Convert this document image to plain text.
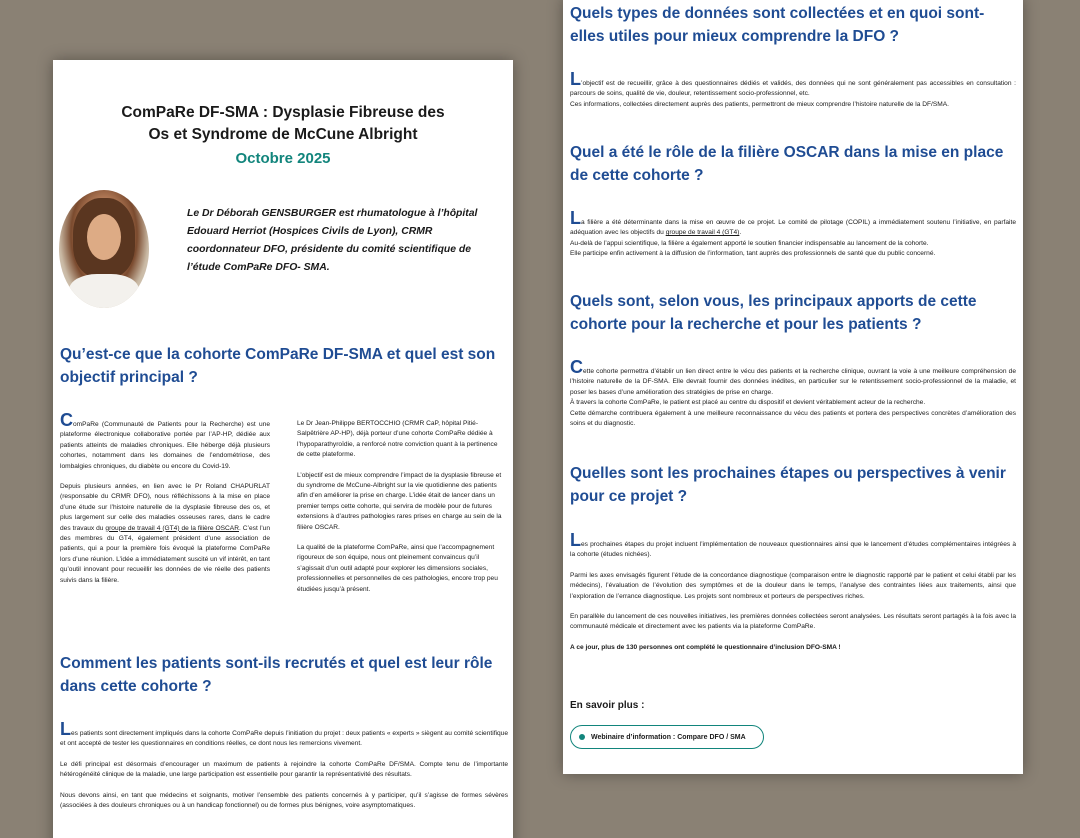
ComPaRe DF-SMA : Dysplasie Fibreuse des
Os et Syndrome de McCune Albright
Octobre 2025
Le Dr Déborah GENSBURGER est rhumatologue à l’hôpital Edouard Herriot (Hospices Civils de Lyon), CRMR coordonnateur DFO, présidente du comité scientifique de l’étude ComPaRe DFO- SMA.
Qu’est-ce que la cohorte ComPaRe DF-SMA et quel est son objectif principal ?

ComPaRe (Communauté de Patients pour la Recherche) est une plateforme électronique collaborative portée par l’AP-HP, dédiée aux patients atteints de maladies chroniques. Elle héberge déjà plusieurs cohortes, notamment dans les domaines de l’endométriose, des lombalgies chroniques, du diabète ou encore du Covid-19.

Depuis plusieurs années, en lien avec le Pr Roland CHAPURLAT (responsable du CRMR DFO), nous réfléchissons à la mise en place d’une étude sur l’histoire naturelle de la dysplasie fibreuse des os, et plus largement sur celle des maladies osseuses rares, dans le cadre des travaux du groupe de travail 4 (GT4) de la filière OSCAR. C’est l’un des membres du GT4, également président d’une association de patients, qui a pour la première fois évoqué la plateforme ComPaRe lors d’une réunion. L’idée a immédiatement suscité un vif intérêt, en tant qu’outil innovant pour recueillir les données de vie réelle des patients suivis dans la filière.

Le Dr Jean-Philippe BERTOCCHIO (CRMR CaP, hôpital Pitié-Salpêtrière AP-HP), déjà porteur d’une cohorte ComPaRe dédiée à l’hypoparathyroïdie, a renforcé notre conviction quant à la pertinence de cette plateforme.

L’objectif est de mieux comprendre l’impact de la dysplasie fibreuse et du syndrome de McCune-Albright sur la vie quotidienne des patients afin d’en améliorer la prise en charge. L’idée était de lancer dans un premier temps cette cohorte, qui servira de modèle pour de futures extensions à d’autres pathologies rares prises en charge au sein de la filière OSCAR.

La qualité de la plateforme ComPaRe, ainsi que l’accompagnement rigoureux de son équipe, nous ont pleinement convaincus qu’il s’agissait d’un outil adapté pour explorer les dimensions sociales, professionnelles et personnelles de ces pathologies, encore trop peu étudiées jusqu’à présent.

Comment les patients sont-ils recrutés et quel est leur rôle dans cette cohorte ?

Les patients sont directement impliqués dans la cohorte ComPaRe depuis l’initiation du projet : deux patients « experts » siègent au comité scientifique et ont accepté de tester les questionnaires en conditions réelles, ce dont nous les remercions vivement.

Le défi principal est désormais d’encourager un maximum de patients à rejoindre la cohorte ComPaRe DF/SMA. Compte tenu de l’importante hétérogénéité clinique de la maladie, une large participation est essentielle pour garantir la représentativité des résultats.

Nous devons ainsi, en tant que médecins et soignants, motiver l’ensemble des patients concernés à y participer, qu’il s’agisse de formes sévères (associées à des douleurs chroniques ou à un handicap fonctionnel) ou de formes plus bénignes, voire asymptomatiques.

Quels types de données sont collectées et en quoi sont-elles utiles pour mieux comprendre la DFO ?

L’objectif est de recueillir, grâce à des questionnaires dédiés et validés, des données qui ne sont généralement pas accessibles en consultation : parcours de soins, qualité de vie, douleur, retentissement socio-professionnel, etc.

Ces informations, collectées directement auprès des patients, permettront de mieux comprendre l’histoire naturelle de la DF/SMA.

Quel a été le rôle de la filière OSCAR dans la mise en place de cette cohorte ?

La filière a été déterminante dans la mise en œuvre de ce projet. Le comité de pilotage (COPIL) a immédiatement soutenu l’initiative, en parfaite adéquation avec les objectifs du groupe de travail 4 (GT4).

Au-delà de l’appui scientifique, la filière a également apporté le soutien financier indispensable au lancement de la cohorte.

Elle participe enfin activement à la diffusion de l’information, tant auprès des professionnels de santé que du public concerné.

Quels sont, selon vous, les principaux apports de cette cohorte pour la recherche et pour les patients ?

Cette cohorte permettra d’établir un lien direct entre le vécu des patients et la recherche clinique, ouvrant la voie à une meilleure compréhension de l’histoire naturelle de la DF-SMA. Elle devrait fournir des données inédites, en particulier sur le retentissement socio-professionnel de la maladie, et poser les bases d’une amélioration des stratégies de prise en charge.

À travers la cohorte ComPaRe, le patient est placé au centre du dispositif et devient véritablement acteur de la recherche.

Cette démarche contribuera également à une meilleure reconnaissance du vécu des patients et portera des perspectives concrètes d’amélioration des soins et du diagnostic.

Quelles sont les prochaines étapes ou perspectives à venir pour ce projet ?

Les prochaines étapes du projet incluent l’implémentation de nouveaux questionnaires ainsi que le lancement d’études complémentaires intégrées à la cohorte (études nichées).

Parmi les axes envisagés figurent l’étude de la concordance diagnostique (comparaison entre le diagnostic rapporté par le patient et celui établi par les médecins), l’évaluation de l’évolution des symptômes et de la douleur dans le temps, l’analyse des contraintes liées aux traitements, ainsi que l’exploration de l’errance diagnostique. Les projets sont nombreux et porteurs de perspectives riches.

En parallèle du lancement de ces nouvelles initiatives, les premières données collectées seront analysées. Les résultats seront partagés à la fois avec la communauté médicale et directement avec les patients via la plateforme ComPaRe.

A ce jour, plus de 130 personnes ont complété le questionnaire d’inclusion DFO-SMA !

En savoir plus :
Webinaire d’information : Compare DFO / SMA
